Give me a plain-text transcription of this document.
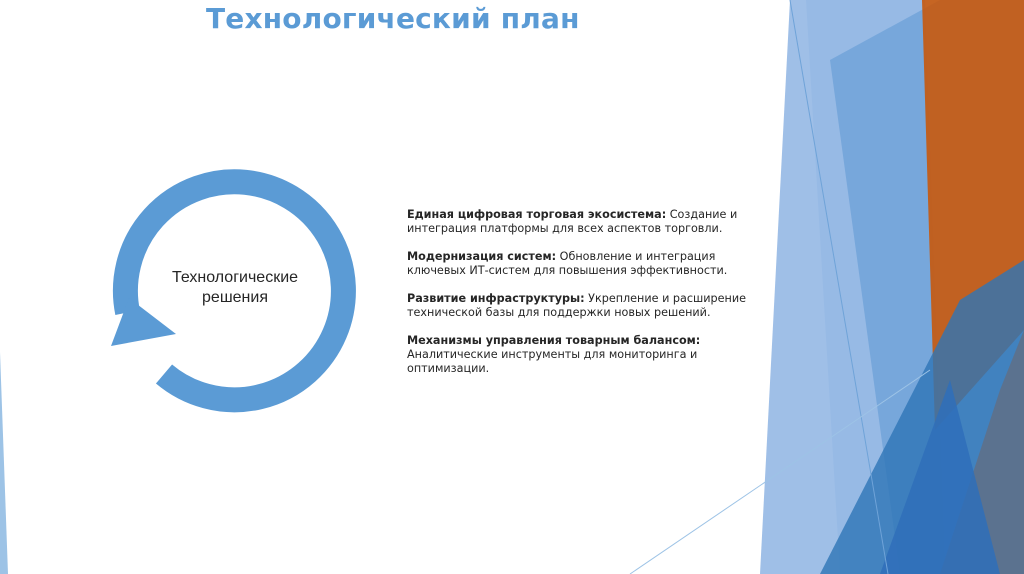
Технологический план
Технологические решения

Единая цифровая торговая экосистема: Создание и интеграция платформы для всех аспектов торговли.

Модернизация систем: Обновление и интеграция ключевых ИТ-систем для повышения эффективности.

Развитие инфраструктуры: Укрепление и расширение технической базы для поддержки новых решений.

Механизмы управления товарным балансом: Аналитические инструменты для мониторинга и оптимизации.
